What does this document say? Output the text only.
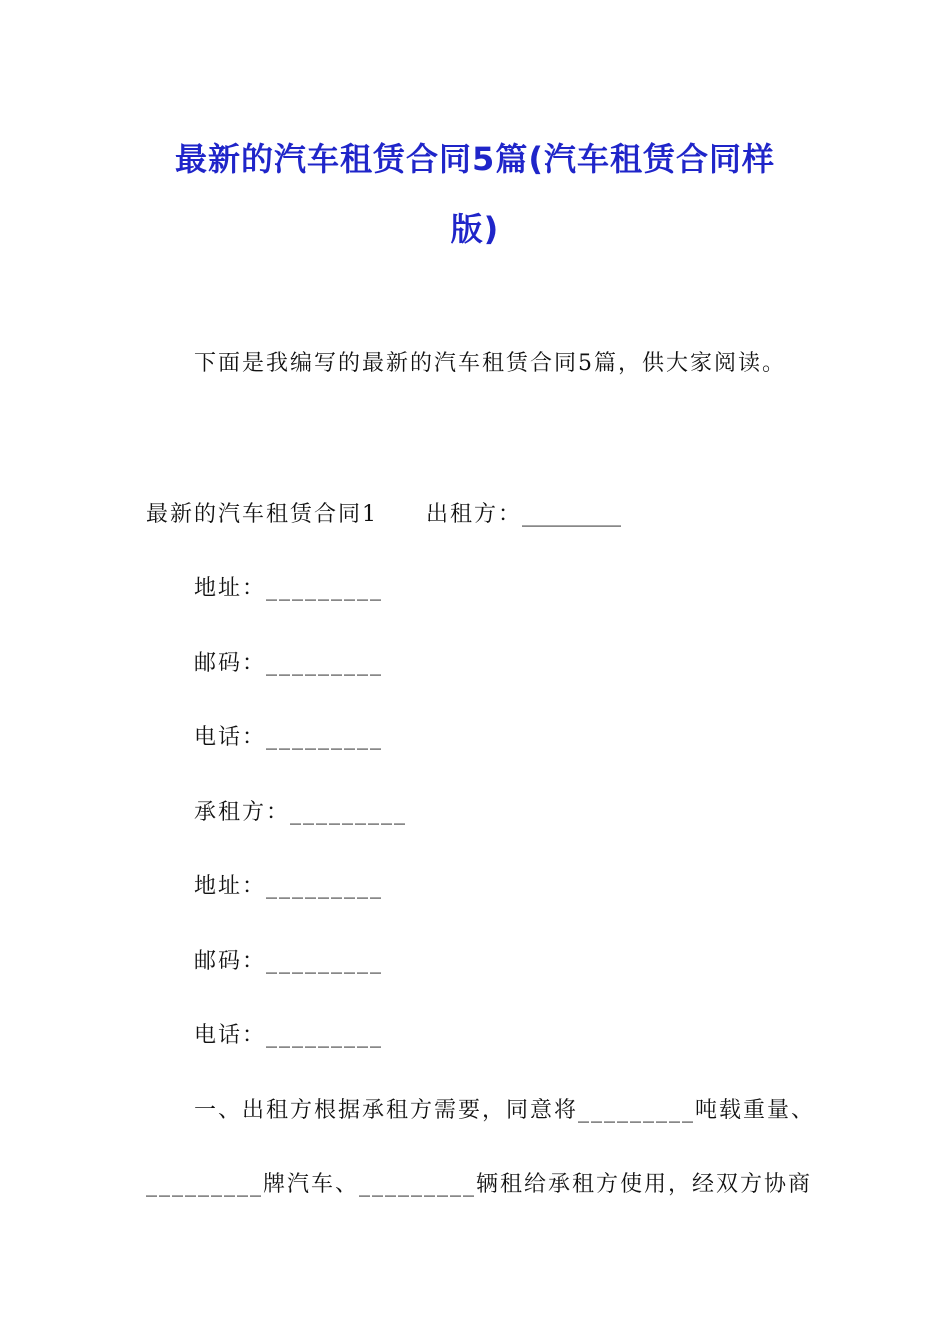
最新的汽车租赁合同5篇(汽车租赁合同样
版)
下面是我编写的最新的汽车租赁合同5篇，供大家阅读。
最新的汽车租赁合同1 出租方：_________
地址：_________
邮码：_________
电话：_________
承租方：_________
地址：_________
邮码：_________
电话：_________
一、出租方根据承租方需要，同意将_________吨载重量、
_________牌汽车、_________辆租给承租方使用，经双方协商
